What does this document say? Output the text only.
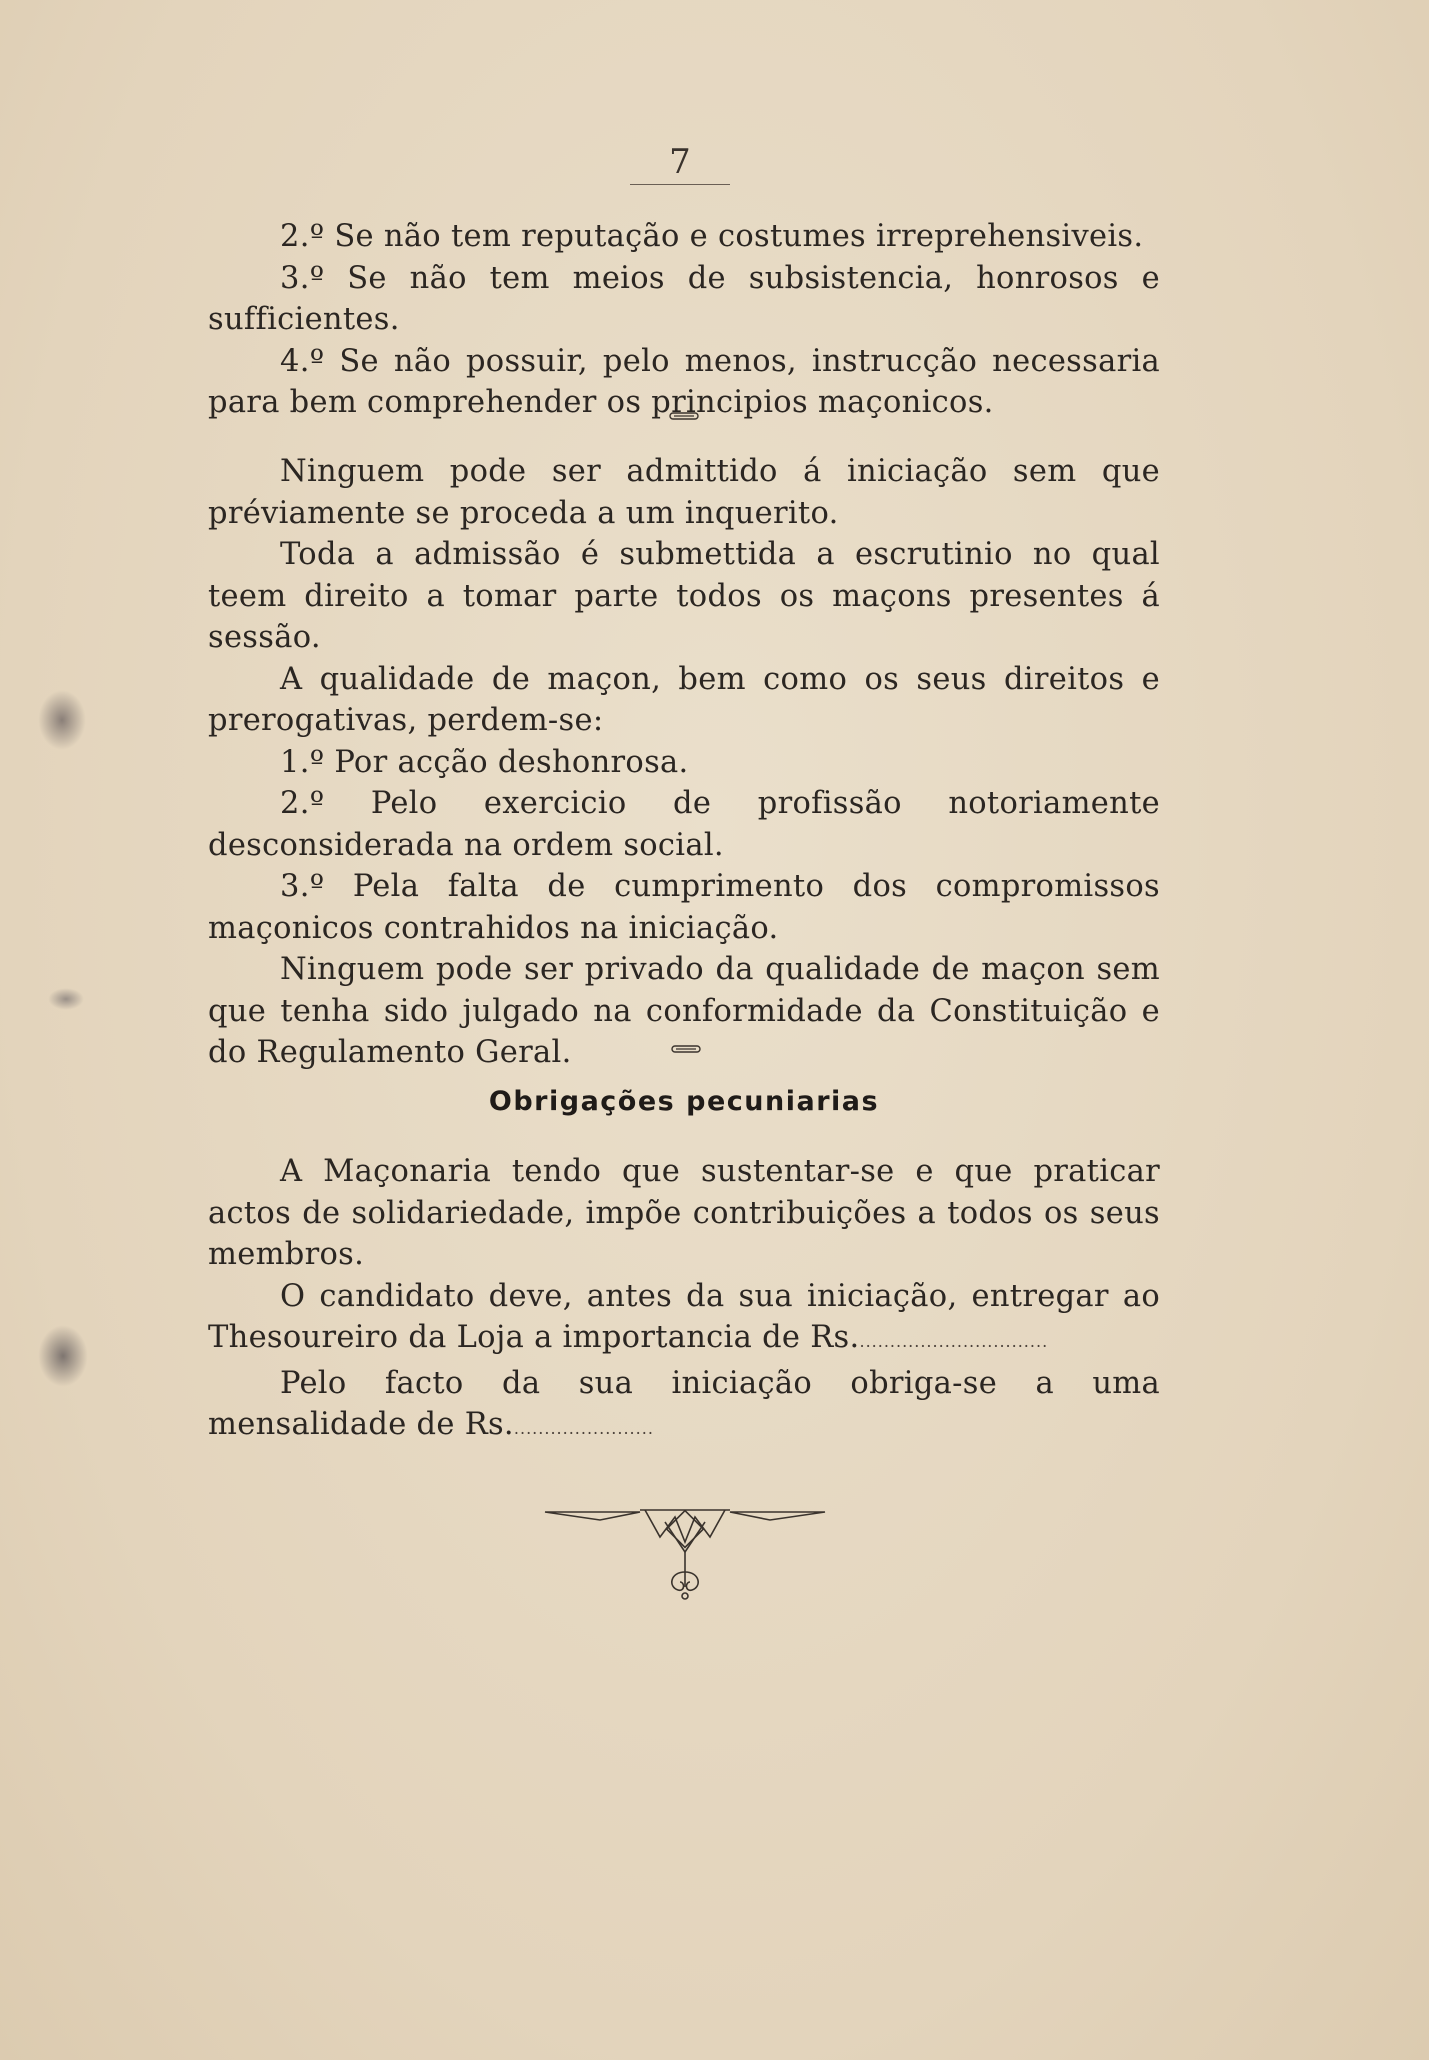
7

2.º Se não tem reputação e costumes irreprehensiveis.

3.º Se não tem meios de subsistencia, honrosos e sufficientes.

4.º Se não possuir, pelo menos, instrucção necessaria para bem comprehender os principios maçonicos.

Ninguem pode ser admittido á iniciação sem que préviamente se proceda a um inquerito.

Toda a admissão é submettida a escrutinio no qual teem direito a tomar parte todos os maçons presentes á sessão.

A qualidade de maçon, bem como os seus direitos e prerogativas, perdem-se:

1.º Por acção deshonrosa.

2.º Pelo exercicio de profissão notoriamente desconsiderada na ordem social.

3.º Pela falta de cumprimento dos compromissos maçonicos contrahidos na iniciação.

Ninguem pode ser privado da qualidade de maçon sem que tenha sido julgado na conformidade da Constituição e do Regulamento Geral.

Obrigações pecuniarias

A Maçonaria tendo que sustentar-se e que praticar actos de solidariedade, impõe contribuições a todos os seus membros.

O candidato deve, antes da sua iniciação, entregar ao Thesoureiro da Loja a importancia de Rs................................

Pelo facto da sua iniciação obriga-se a uma mensalidade de Rs........................
